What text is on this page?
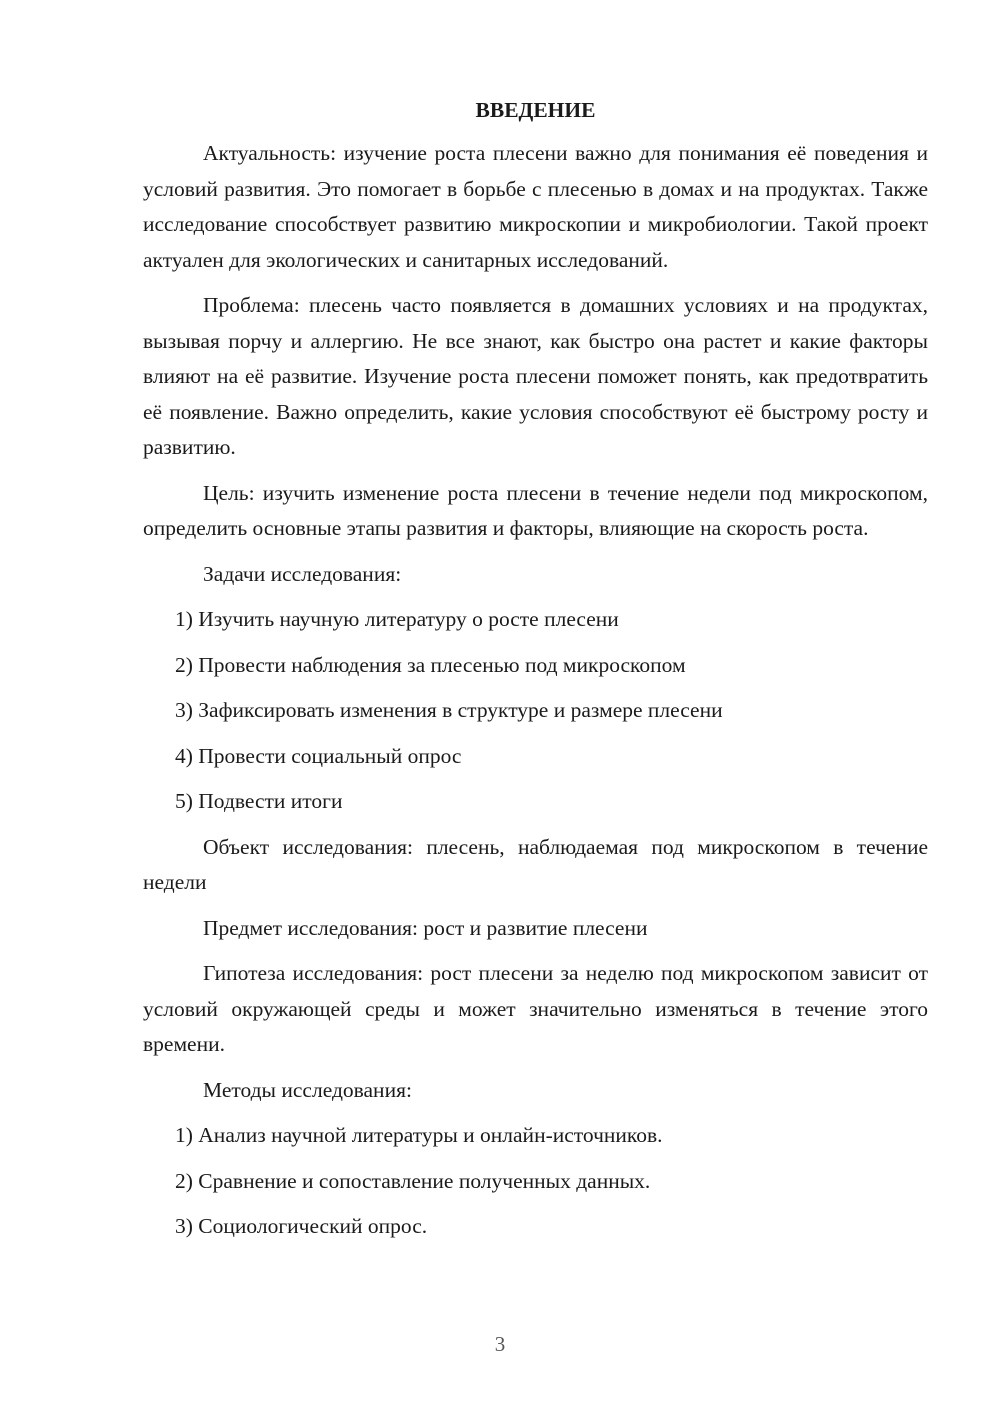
ВВЕДЕНИЕ

Актуальность: изучение роста плесени важно для понимания её поведения и условий развития. Это помогает в борьбе с плесенью в домах и на продуктах. Также исследование способствует развитию микроскопии и микробиологии. Такой проект актуален для экологических и санитарных исследований.

Проблема: плесень часто появляется в домашних условиях и на продуктах, вызывая порчу и аллергию. Не все знают, как быстро она растет и какие факторы влияют на её развитие. Изучение роста плесени поможет понять, как предотвратить её появление. Важно определить, какие условия способствуют её быстрому росту и развитию.

Цель: изучить изменение роста плесени в течение недели под микроскопом, определить основные этапы развития и факторы, влияющие на скорость роста.

Задачи исследования:

1) Изучить научную литературу о росте плесени
2) Провести наблюдения за плесенью под микроскопом
3) Зафиксировать изменения в структуре и размере плесени
4) Провести социальный опрос
5) Подвести итоги

Объект исследования: плесень, наблюдаемая под микроскопом в течение недели

Предмет исследования: рост и развитие плесени

Гипотеза исследования: рост плесени за неделю под микроскопом зависит от условий окружающей среды и может значительно изменяться в течение этого времени.

Методы исследования:

1) Анализ научной литературы и онлайн-источников.
2) Сравнение и сопоставление полученных данных.
3) Социологический опрос.
3
